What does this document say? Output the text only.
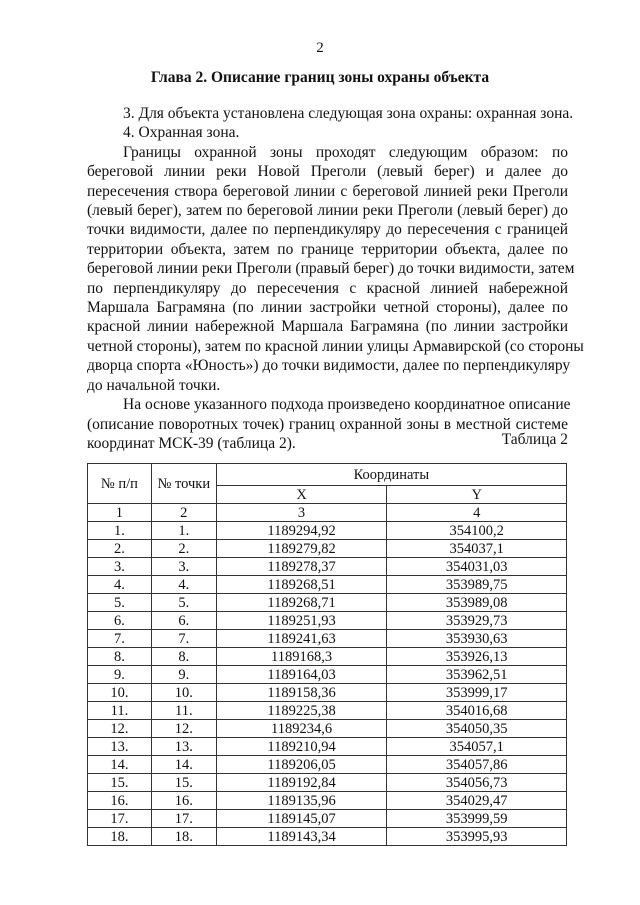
2
Глава 2. Описание границ зоны охраны объекта
3. Для объекта установлена следующая зона охраны: охранная зона.
4. Охранная зона.
Границы охранной зоны проходят следующим образом: по
береговой линии реки Новой Преголи (левый берег) и далее до
пересечения створа береговой линии с береговой линией реки Преголи
(левый берег), затем по береговой линии реки Преголи (левый берег) до
точки видимости, далее по перпендикуляру до пересечения с границей
территории объекта, затем по границе территории объекта, далее по
береговой линии реки Преголи (правый берег) до точки видимости, затем
по перпендикуляру до пересечения с красной линией набережной
Маршала Баграмяна (по линии застройки четной стороны), далее по
красной линии набережной Маршала Баграмяна (по линии застройки
четной стороны), затем по красной линии улицы Армавирской (со стороны
дворца спорта «Юность») до точки видимости, далее по перпендикуляру
до начальной точки.
На основе указанного подхода произведено координатное описание
(описание поворотных точек) границ охранной зоны в местной системе
координат МСК-39 (таблица 2).	Таблица 2
№ п/п	№ точки	Координаты	
		X	Y
1	2	3	4
1.	1.	1189294,92	354100,2
2.	2.	1189279,82	354037,1
3.	3.	1189278,37	354031,03
4.	4.	1189268,51	353989,75
5.	5.	1189268,71	353989,08
6.	6.	1189251,93	353929,73
7.	7.	1189241,63	353930,63
8.	8.	1189168,3	353926,13
9.	9.	1189164,03	353962,51
10.	10.	1189158,36	353999,17
11.	11.	1189225,38	354016,68
12.	12.	1189234,6	354050,35
13.	13.	1189210,94	354057,1
14.	14.	1189206,05	354057,86
15.	15.	1189192,84	354056,73
16.	16.	1189135,96	354029,47
17.	17.	1189145,07	353999,59
18.	18.	1189143,34	353995,93
